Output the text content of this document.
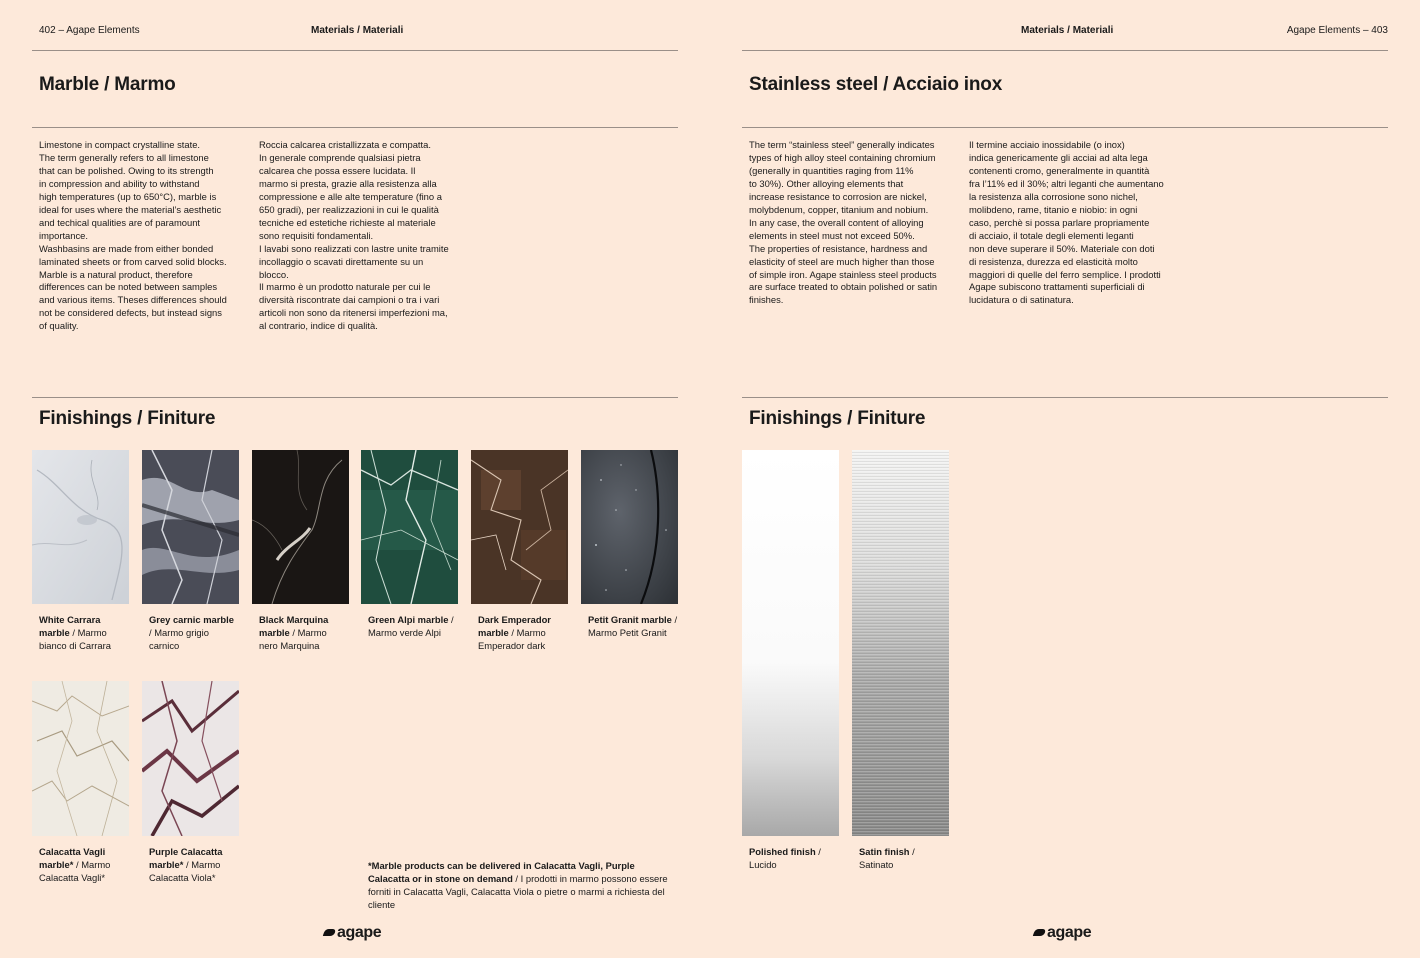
402 – Agape Elements	Materials / Materiali
Marble / Marmo

Limestone in compact crystalline state.
The term generally refers to all limestone
that can be polished. Owing to its strength
in compression and ability to withstand
high temperatures (up to 650°C), marble is
ideal for uses where the material’s aesthetic
and techical qualities are of paramount
importance.
Washbasins are made from either bonded
laminated sheets or from carved solid blocks.
Marble is a natural product, therefore
differences can be noted between samples
and various items. Theses differences should
not be considered defects, but instead signs
of quality.

Roccia calcarea cristallizzata e compatta.
In generale comprende qualsiasi pietra
calcarea che possa essere lucidata. Il
marmo si presta, grazie alla resistenza alla
compressione e alle alte temperature (fino a
650 gradi), per realizzazioni in cui le qualità
tecniche ed estetiche richieste al materiale
sono requisiti fondamentali.
I lavabi sono realizzati con lastre unite tramite
incollaggio o scavati direttamente su un
blocco.
Il marmo è un prodotto naturale per cui le
diversità riscontrate dai campioni o tra i vari
articoli non sono da ritenersi imperfezioni ma,
al contrario, indice di qualità.

Finishings / Finiture
White Carrara
marble / Marmo
bianco di Carrara
Grey carnic marble
/ Marmo grigio
carnico
Black Marquina
marble / Marmo
nero Marquina
Green Alpi marble /
Marmo verde Alpi
Dark Emperador
marble / Marmo
Emperador dark
Petit Granit marble /
Marmo Petit Granit
Calacatta Vagli
marble* / Marmo
Calacatta Vagli*
Purple Calacatta
marble* / Marmo
Calacatta Viola*
*Marble products can be delivered in Calacatta Vagli, Purple Calacatta or in stone on demand / I prodotti in marmo possono essere forniti in Calacatta Vagli, Calacatta Viola o pietre o marmi a richiesta del cliente
agape
Materials / Materiali	Agape Elements – 403
Stainless steel / Acciaio inox

The term “stainless steel” generally indicates
types of high alloy steel containing chromium
(generally in quantities raging from 11%
to 30%). Other alloying elements that
increase resistance to corrosion are nickel,
molybdenum, copper, titanium and nobium.
In any case, the overall content of alloying
elements in steel must not exceed 50%.
The properties of resistance, hardness and
elasticity of steel are much higher than those
of simple iron. Agape stainless steel products
are surface treated to obtain polished or satin
finishes.

Il termine acciaio inossidabile (o inox)
indica genericamente gli acciai ad alta lega
contenenti cromo, generalmente in quantità
fra l’11% ed il 30%; altri leganti che aumentano
la resistenza alla corrosione sono nichel,
molibdeno, rame, titanio e niobio: in ogni
caso, perchè si possa parlare propriamente
di acciaio, il totale degli elementi leganti
non deve superare il 50%. Materiale con doti
di resistenza, durezza ed elasticità molto
maggiori di quelle del ferro semplice. I prodotti
Agape subiscono trattamenti superficiali di
lucidatura o di satinatura.

Finishings / Finiture
Polished finish /
Lucido
Satin finish /
Satinato
agape
